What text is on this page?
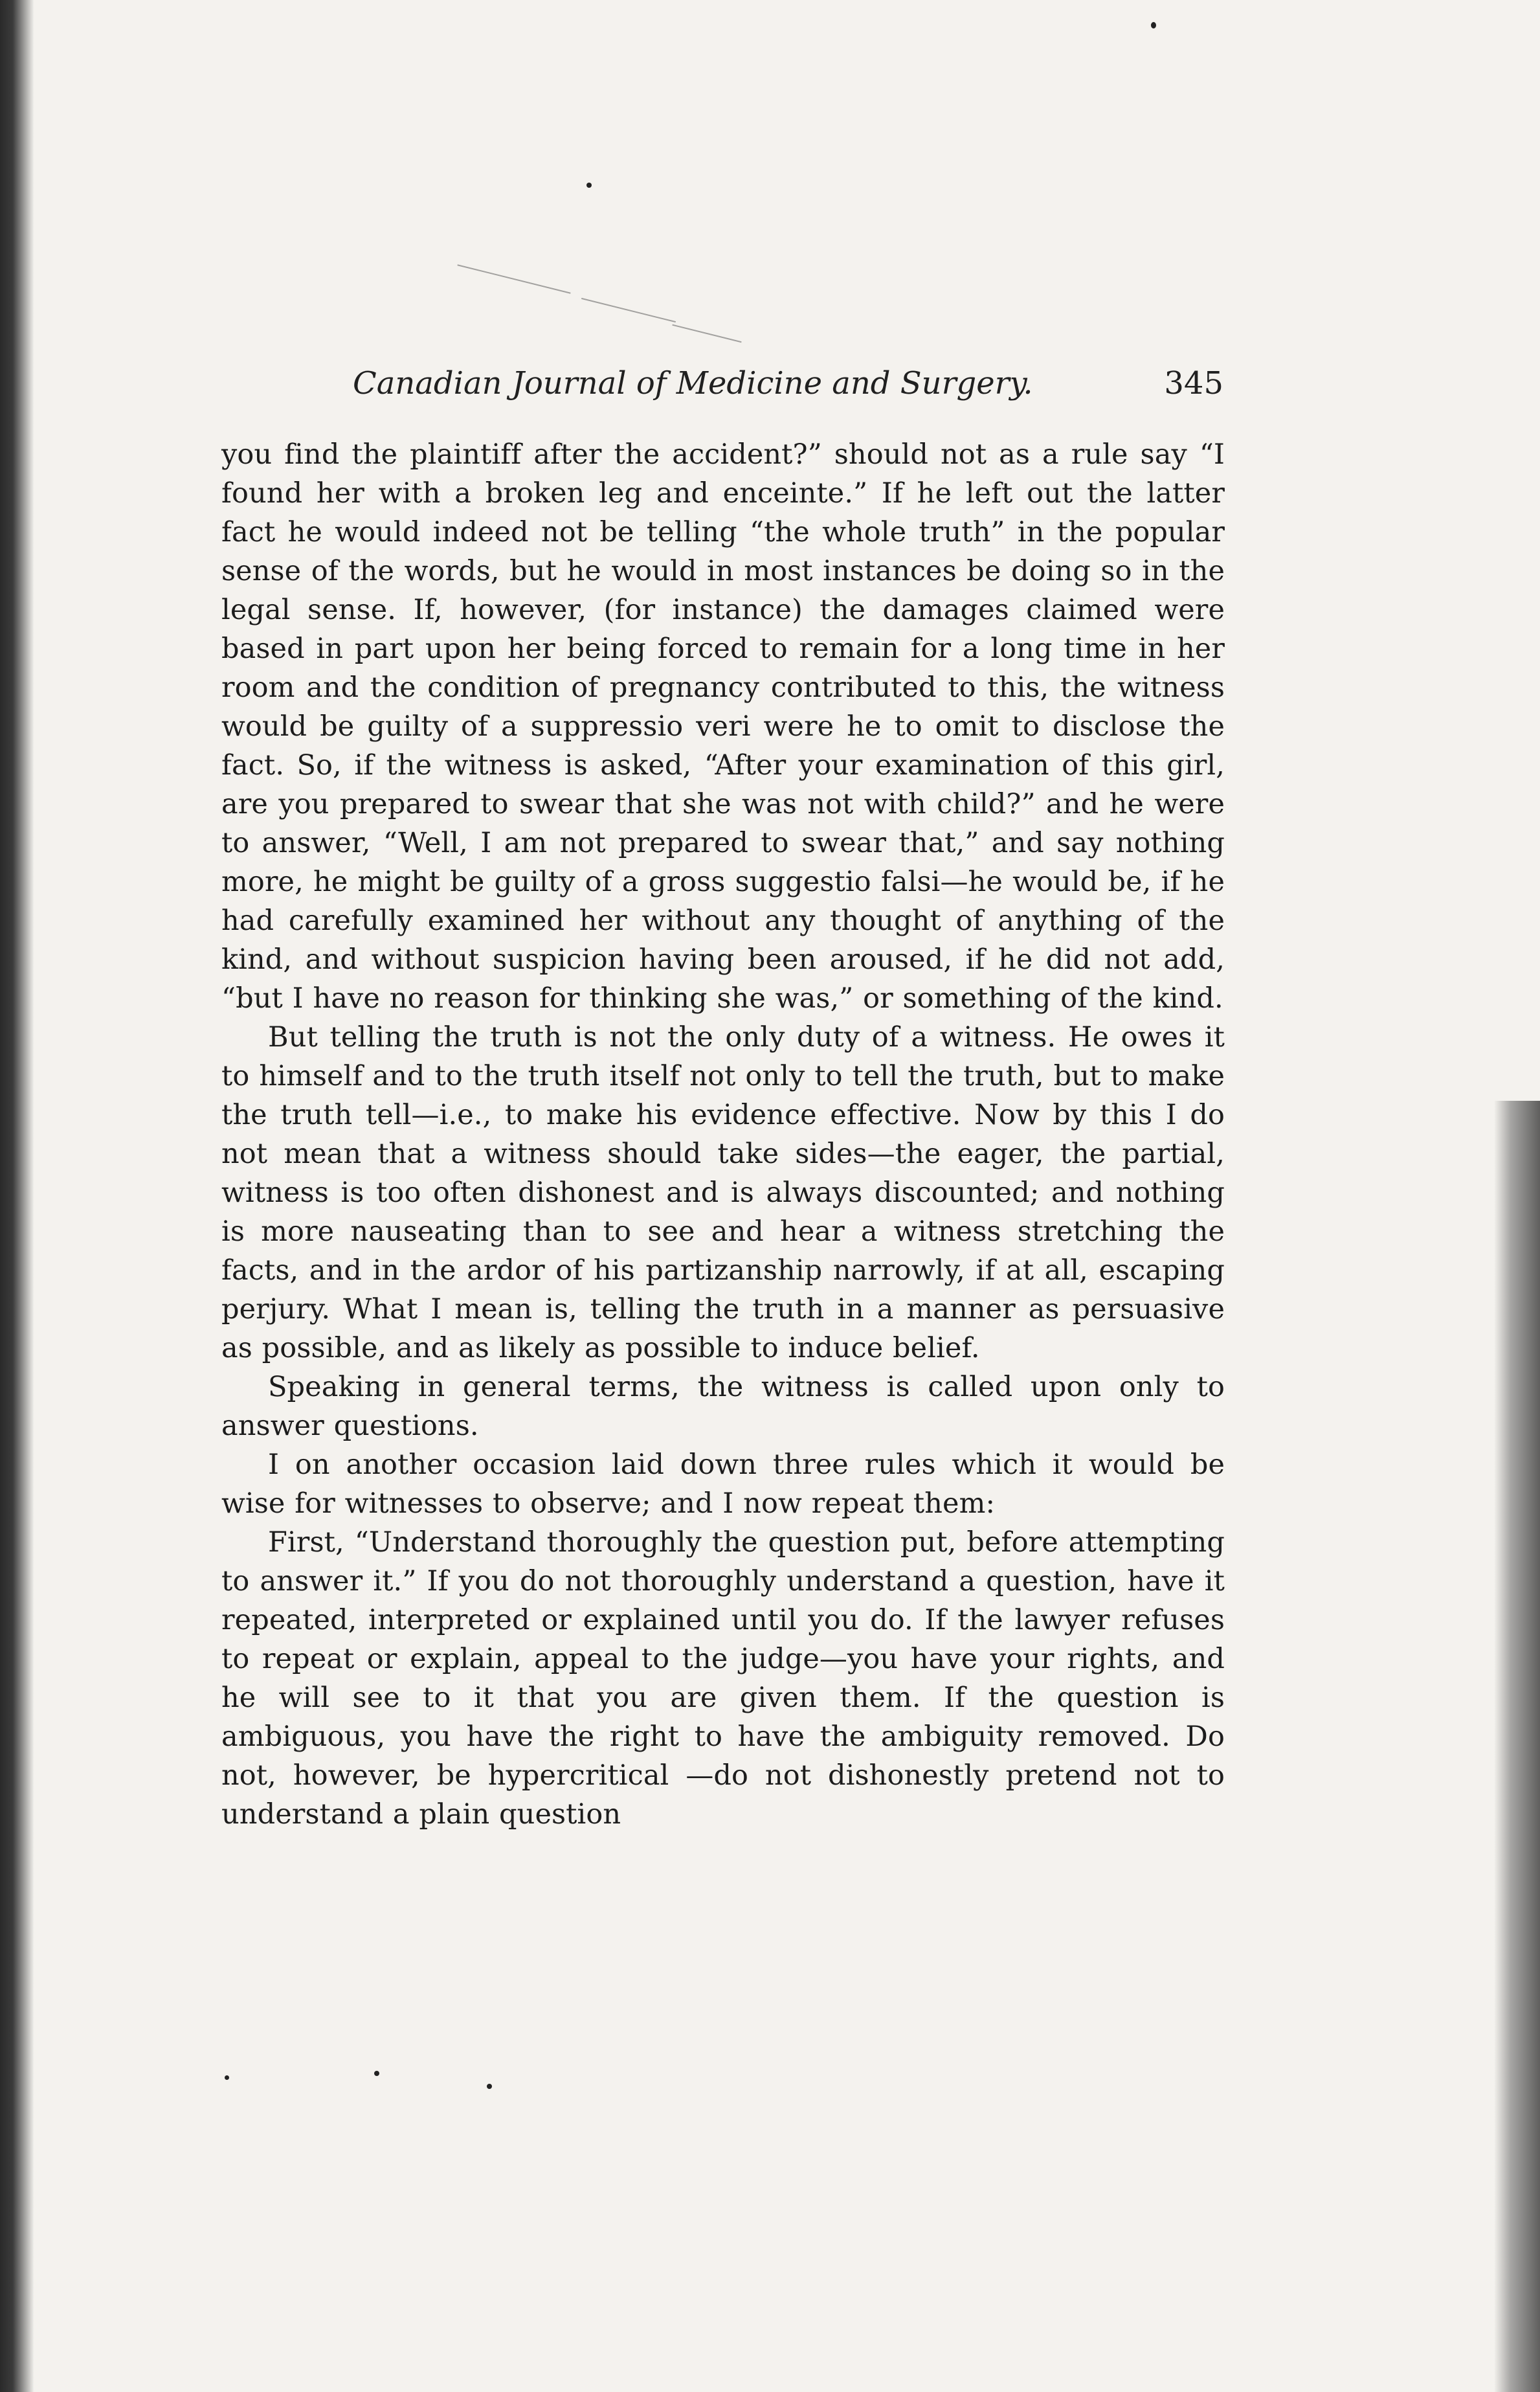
Canadian Journal of Medicine and Surgery.	345

you find the plaintiff after the accident?” should not as a rule say “I found her with a broken leg and enceinte.” If he left out the latter fact he would indeed not be telling “the whole truth” in the popular sense of the words, but he would in most instances be doing so in the legal sense. If, however, (for instance) the damages claimed were based in part upon her being forced to remain for a long time in her room and the condition of pregnancy contributed to this, the witness would be guilty of a suppressio veri were he to omit to disclose the fact. So, if the witness is asked, “After your examination of this girl, are you prepared to swear that she was not with child?” and he were to answer, “Well, I am not prepared to swear that,” and say nothing more, he might be guilty of a gross suggestio falsi—he would be, if he had carefully examined her without any thought of anything of the kind, and without suspicion having been aroused, if he did not add, “but I have no reason for thinking she was,” or something of the kind.

But telling the truth is not the only duty of a witness. He owes it to himself and to the truth itself not only to tell the truth, but to make the truth tell—i.e., to make his evidence effective. Now by this I do not mean that a witness should take sides—the eager, the partial, witness is too often dishonest and is always discounted; and nothing is more nauseating than to see and hear a witness stretching the facts, and in the ardor of his partizanship narrowly, if at all, escaping perjury. What I mean is, telling the truth in a manner as persuasive as possible, and as likely as possible to induce belief.

Speaking in general terms, the witness is called upon only to answer questions.

I on another occasion laid down three rules which it would be wise for witnesses to observe; and I now repeat them:

First, “Understand thoroughly the question put, before attempting to answer it.” If you do not thoroughly understand a question, have it repeated, interpreted or explained until you do. If the lawyer refuses to repeat or explain, appeal to the judge—you have your rights, and he will see to it that you are given them. If the question is ambiguous, you have the right to have the ambiguity removed. Do not, however, be hypercritical —do not dishonestly pretend not to understand a plain question
